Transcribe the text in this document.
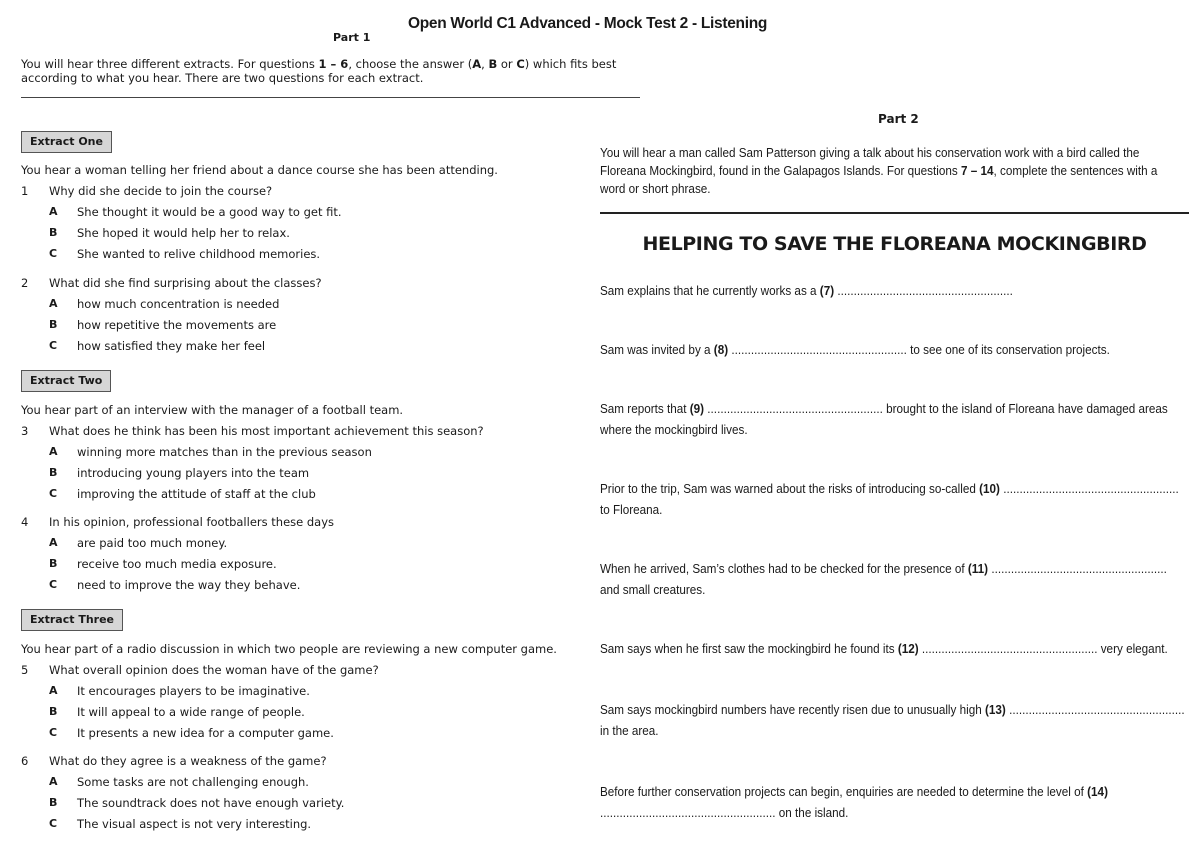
Open World C1 Advanced - Mock Test 2 - Listening
Part 1
You will hear three different extracts. For questions 1 – 6, choose the answer (A, B or C) which fits best according to what you hear. There are two questions for each extract.
Extract One
You hear a woman telling her friend about a dance course she has been attending.
1	Why did she decide to join the course?
A She thought it would be a good way to get fit.
B She hoped it would help her to relax.
C She wanted to relive childhood memories.
2	What did she find surprising about the classes?
A how much concentration is needed
B how repetitive the movements are
C how satisfied they make her feel
Extract Two
You hear part of an interview with the manager of a football team.
3	What does he think has been his most important achievement this season?
A winning more matches than in the previous season
B introducing young players into the team
C improving the attitude of staff at the club
4	In his opinion, professional footballers these days
A are paid too much money.
B receive too much media exposure.
C need to improve the way they behave.
Extract Three
You hear part of a radio discussion in which two people are reviewing a new computer game.
5	What overall opinion does the woman have of the game?
A It encourages players to be imaginative.
B It will appeal to a wide range of people.
C It presents a new idea for a computer game.
6	What do they agree is a weakness of the game?
A Some tasks are not challenging enough.
B The soundtrack does not have enough variety.
C The visual aspect is not very interesting.
Part 2
You will hear a man called Sam Patterson giving a talk about his conservation work with a bird called the Floreana Mockingbird, found in the Galapagos Islands. For questions 7 – 14, complete the sentences with a word or short phrase.
HELPING TO SAVE THE FLOREANA MOCKINGBIRD
Sam explains that he currently works as a (7) ......................................................
Sam was invited by a (8) ...................................................... to see one of its conservation projects.
Sam reports that (9) ...................................................... brought to the island of Floreana have damaged areas where the mockingbird lives.
Prior to the trip, Sam was warned about the risks of introducing so-called (10) ...................................................... to Floreana.
When he arrived, Sam’s clothes had to be checked for the presence of (11) ...................................................... and small creatures.
Sam says when he first saw the mockingbird he found its (12) ...................................................... very elegant.
Sam says mockingbird numbers have recently risen due to unusually high (13) ...................................................... in the area.
Before further conservation projects can begin, enquiries are needed to determine the level of (14) ...................................................... on the island.
